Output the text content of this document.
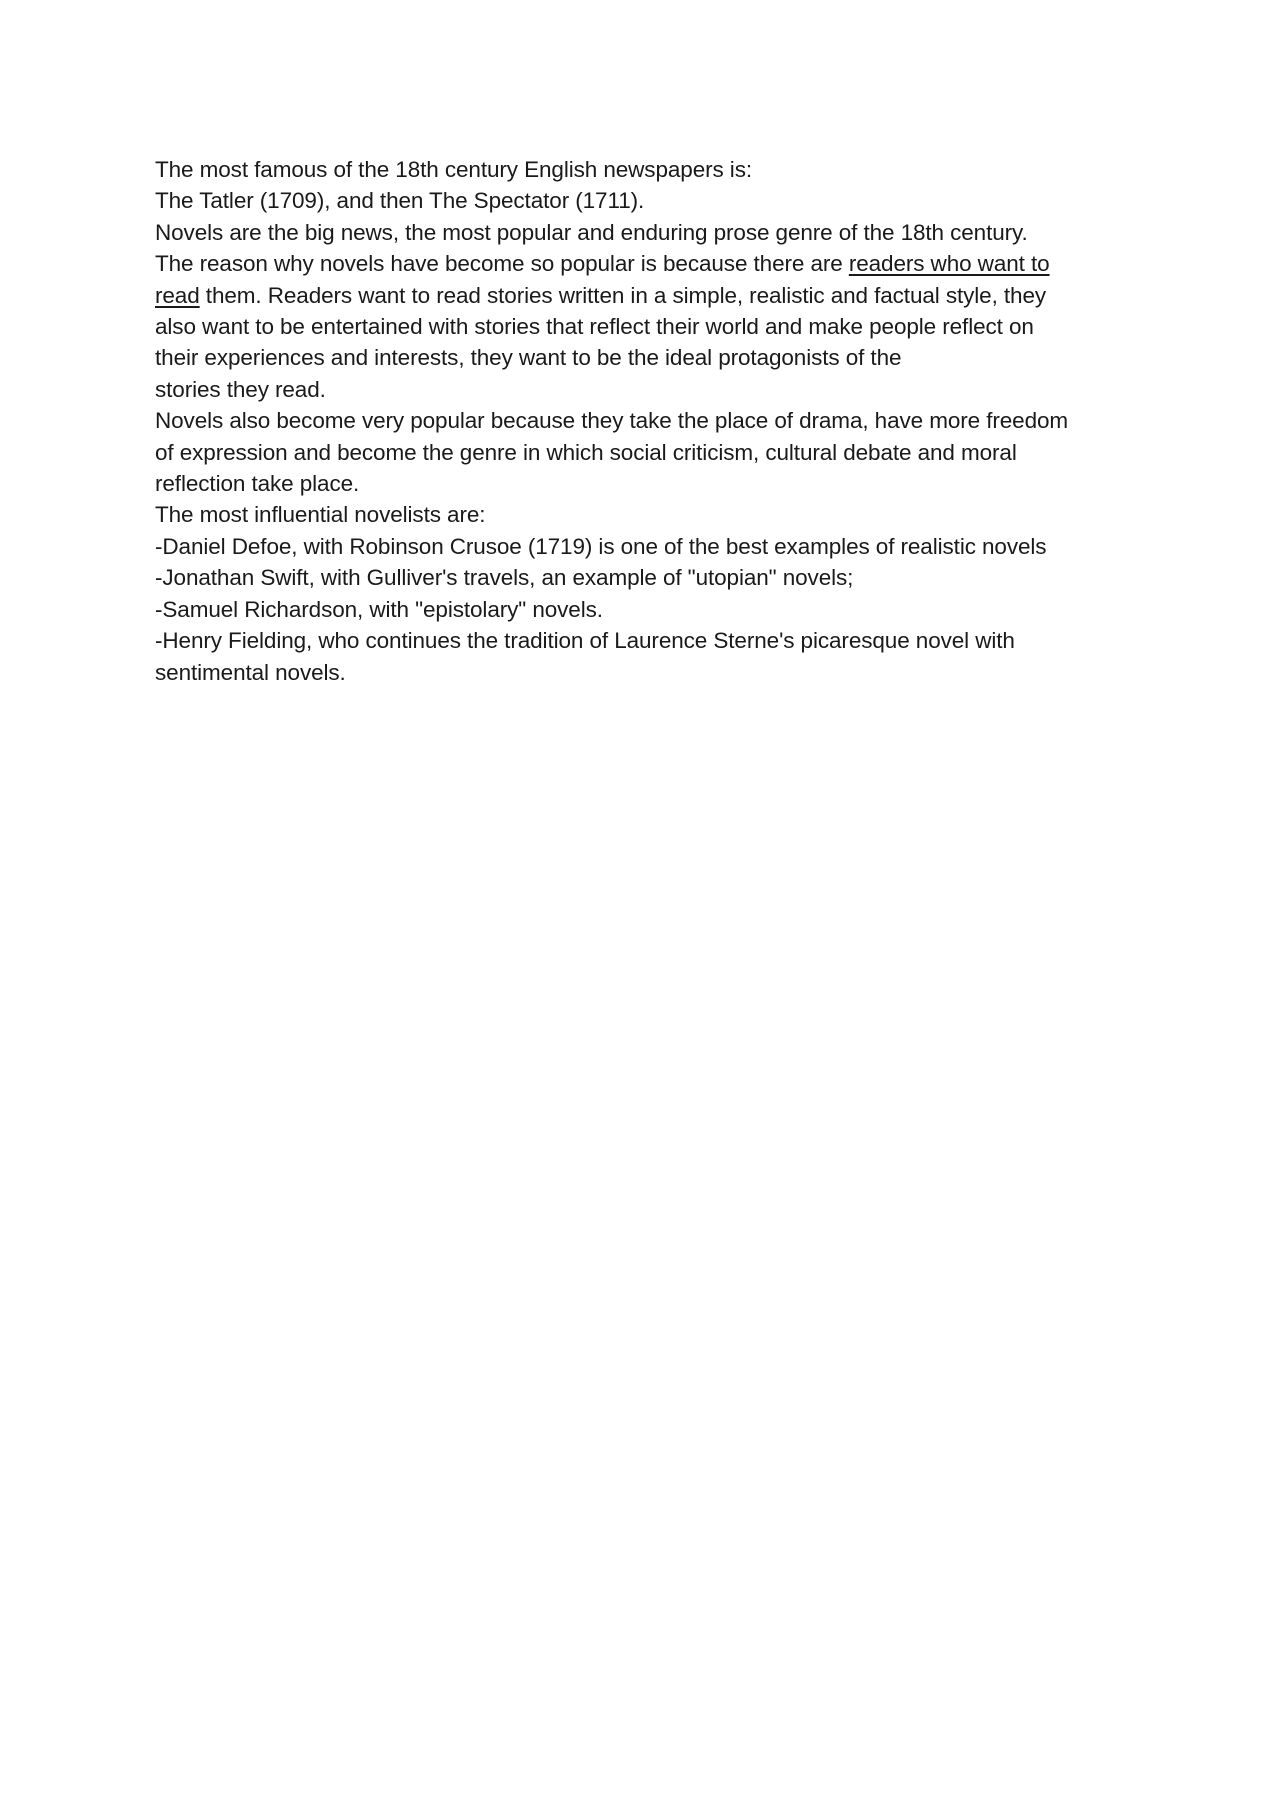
The most famous of the 18th century English newspapers is:
The Tatler (1709), and then The Spectator (1711).
Novels are the big news, the most popular and enduring prose genre of the 18th century.
The reason why novels have become so popular is because there are readers who want to
read them. Readers want to read stories written in a simple, realistic and factual style, they
also want to be entertained with stories that reflect their world and make people reflect on
their experiences and interests, they want to be the ideal protagonists of the
stories they read.
Novels also become very popular because they take the place of drama, have more freedom
of expression and become the genre in which social criticism, cultural debate and moral
reflection take place.
The most influential novelists are:
-Daniel Defoe, with Robinson Crusoe (1719) is one of the best examples of realistic novels
-Jonathan Swift, with Gulliver's travels, an example of "utopian" novels;
-Samuel Richardson, with "epistolary" novels.
-Henry Fielding, who continues the tradition of Laurence Sterne's picaresque novel with
sentimental novels.
